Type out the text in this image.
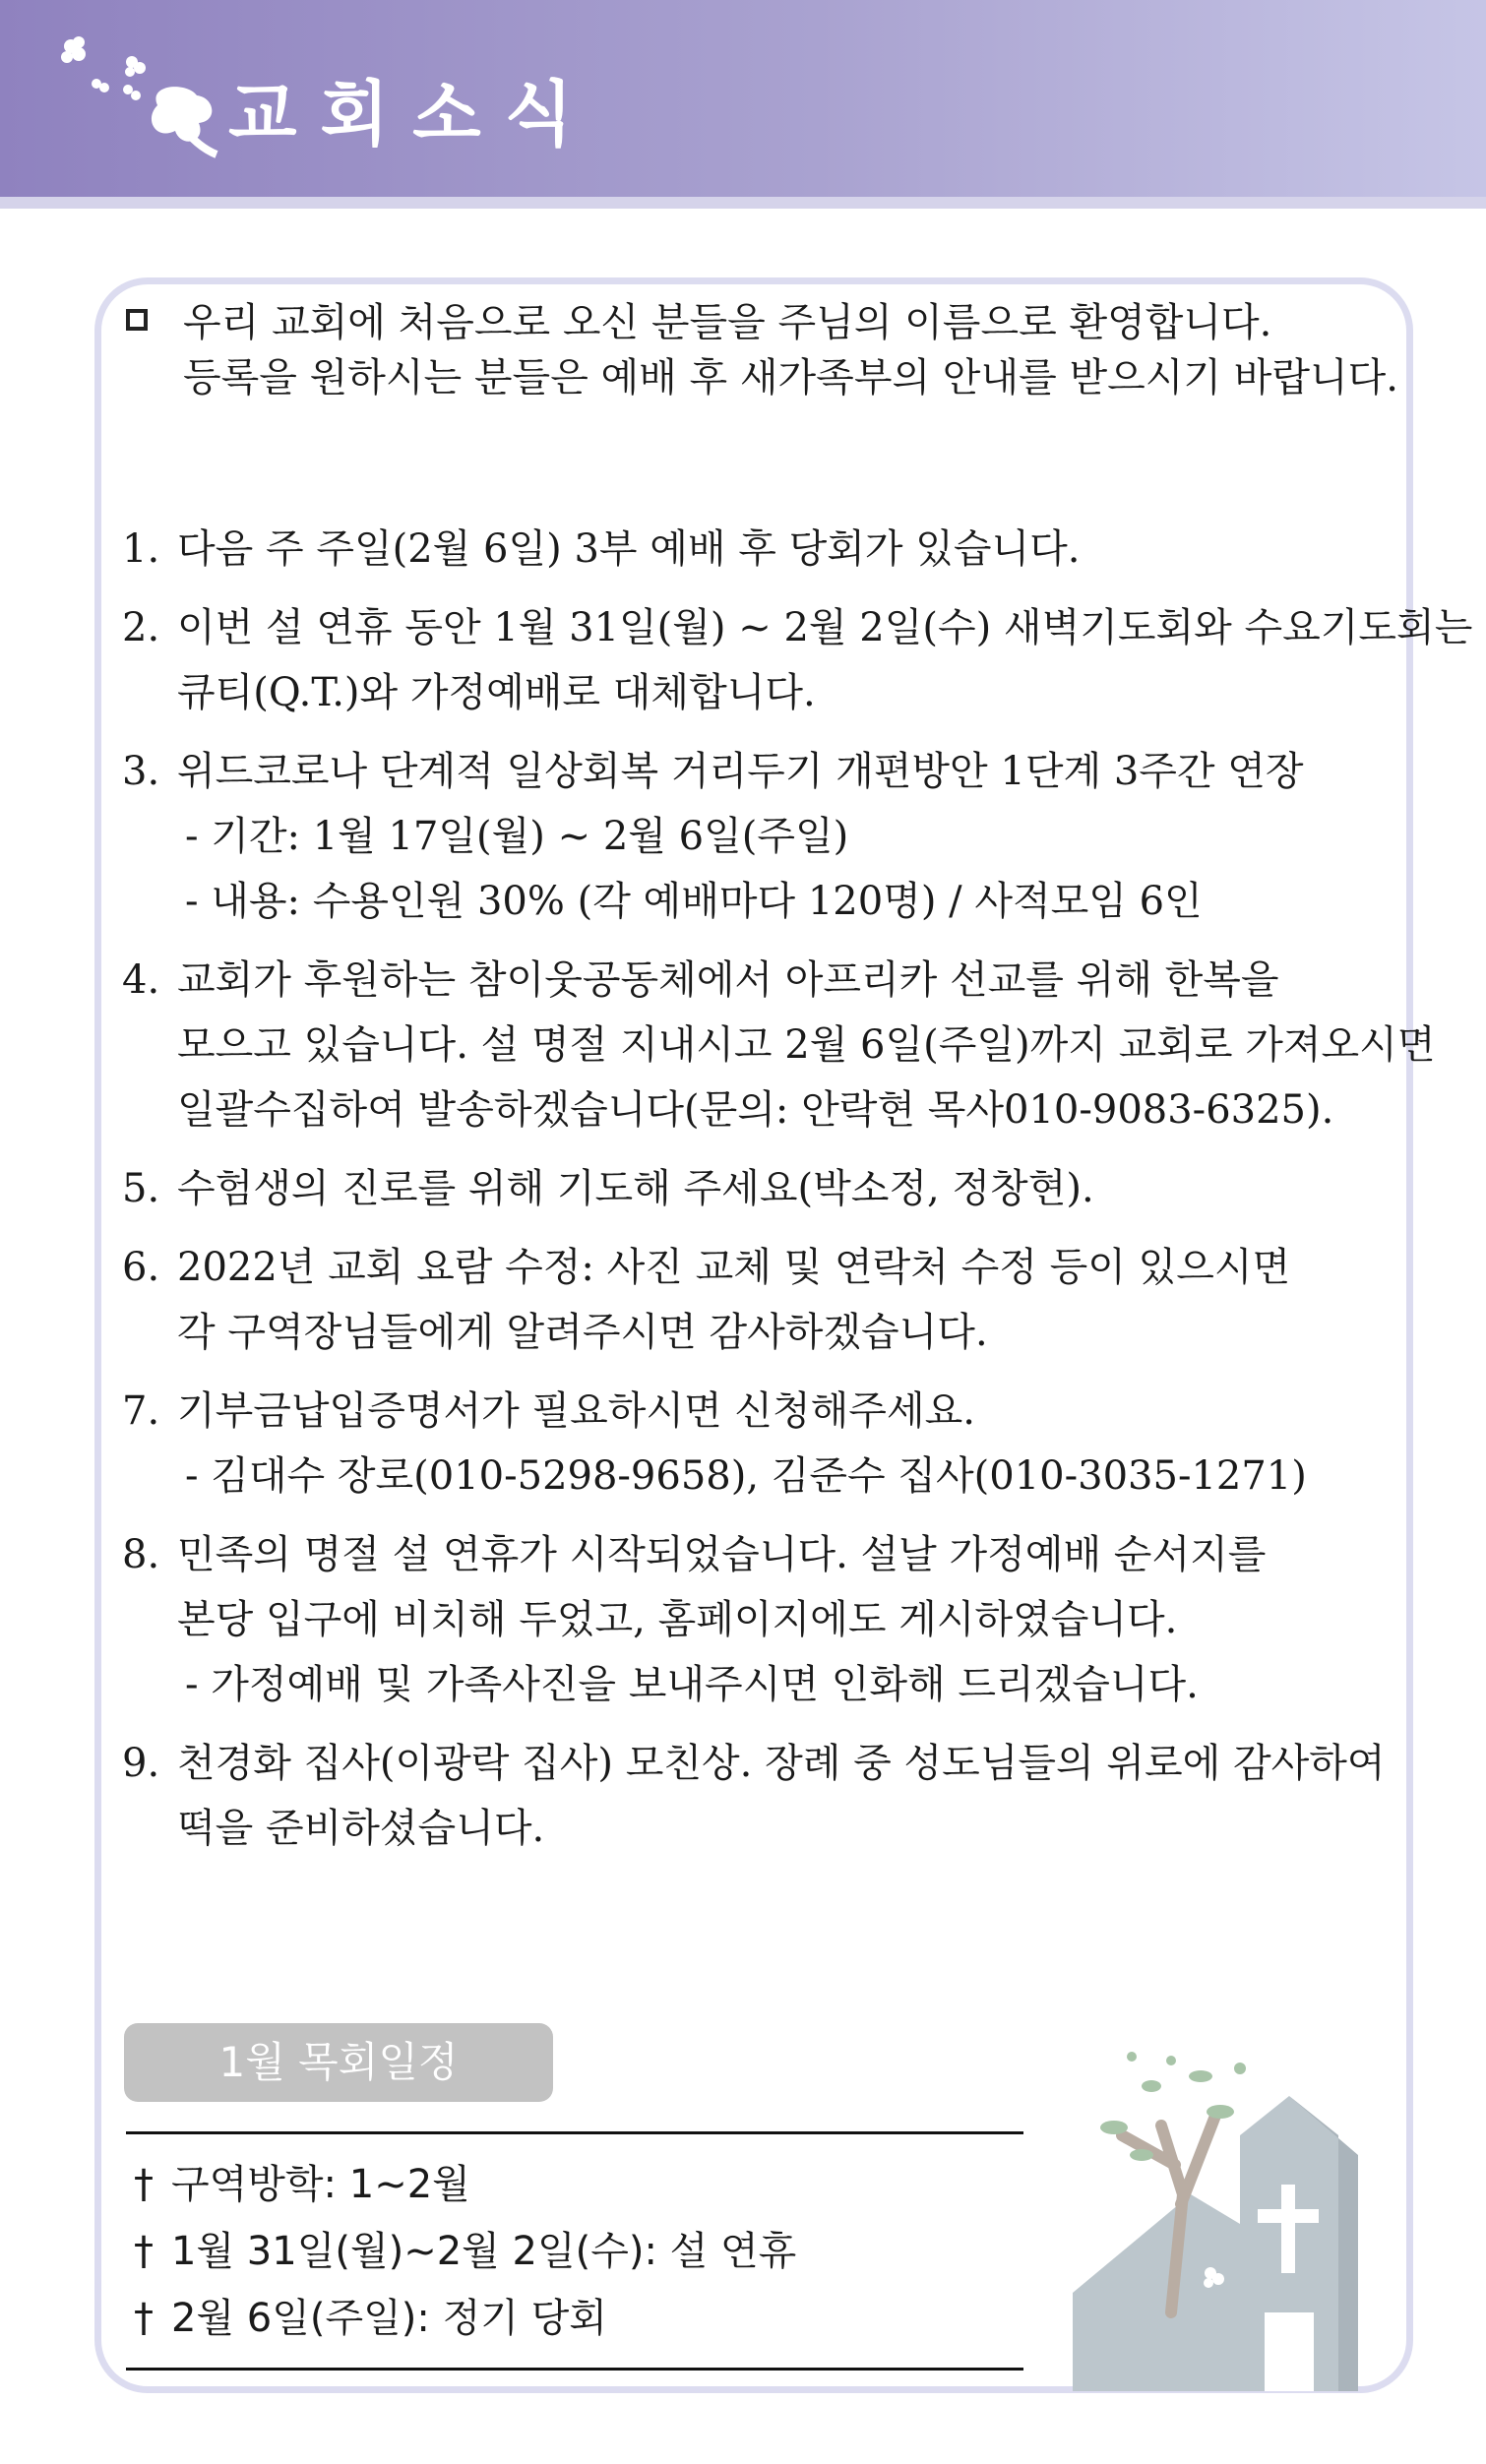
교회소식
우리 교회에 처음으로 오신 분들을 주님의 이름으로 환영합니다.
등록을 원하시는 분들은 예배 후 새가족부의 안내를 받으시기 바랍니다.
1. 다음 주 주일(2월 6일) 3부 예배 후 당회가 있습니다.
2. 이번 설 연휴 동안 1월 31일(월) ~ 2월 2일(수) 새벽기도회와 수요기도회는
큐티(Q.T.)와 가정예배로 대체합니다.
3. 위드코로나 단계적 일상회복 거리두기 개편방안 1단계 3주간 연장
- 기간: 1월 17일(월) ~ 2월 6일(주일)
- 내용: 수용인원 30% (각 예배마다 120명) / 사적모임 6인
4. 교회가 후원하는 참이웃공동체에서 아프리카 선교를 위해 한복을
모으고 있습니다. 설 명절 지내시고 2월 6일(주일)까지 교회로 가져오시면
일괄수집하여 발송하겠습니다(문의: 안락현 목사010-9083-6325).
5. 수험생의 진로를 위해 기도해 주세요(박소정, 정창현).
6. 2022년 교회 요람 수정: 사진 교체 및 연락처 수정 등이 있으시면
각 구역장님들에게 알려주시면 감사하겠습니다.
7. 기부금납입증명서가 필요하시면 신청해주세요.
- 김대수 장로(010-5298-9658), 김준수 집사(010-3035-1271)
8. 민족의 명절 설 연휴가 시작되었습니다. 설날 가정예배 순서지를
본당 입구에 비치해 두었고, 홈페이지에도 게시하였습니다.
- 가정예배 및 가족사진을 보내주시면 인화해 드리겠습니다.
9. 천경화 집사(이광락 집사) 모친상. 장례 중 성도님들의 위로에 감사하여
떡을 준비하셨습니다.
1월 목회일정
† 구역방학: 1~2월
† 1월 31일(월)~2월 2일(수): 설 연휴
† 2월 6일(주일): 정기 당회
